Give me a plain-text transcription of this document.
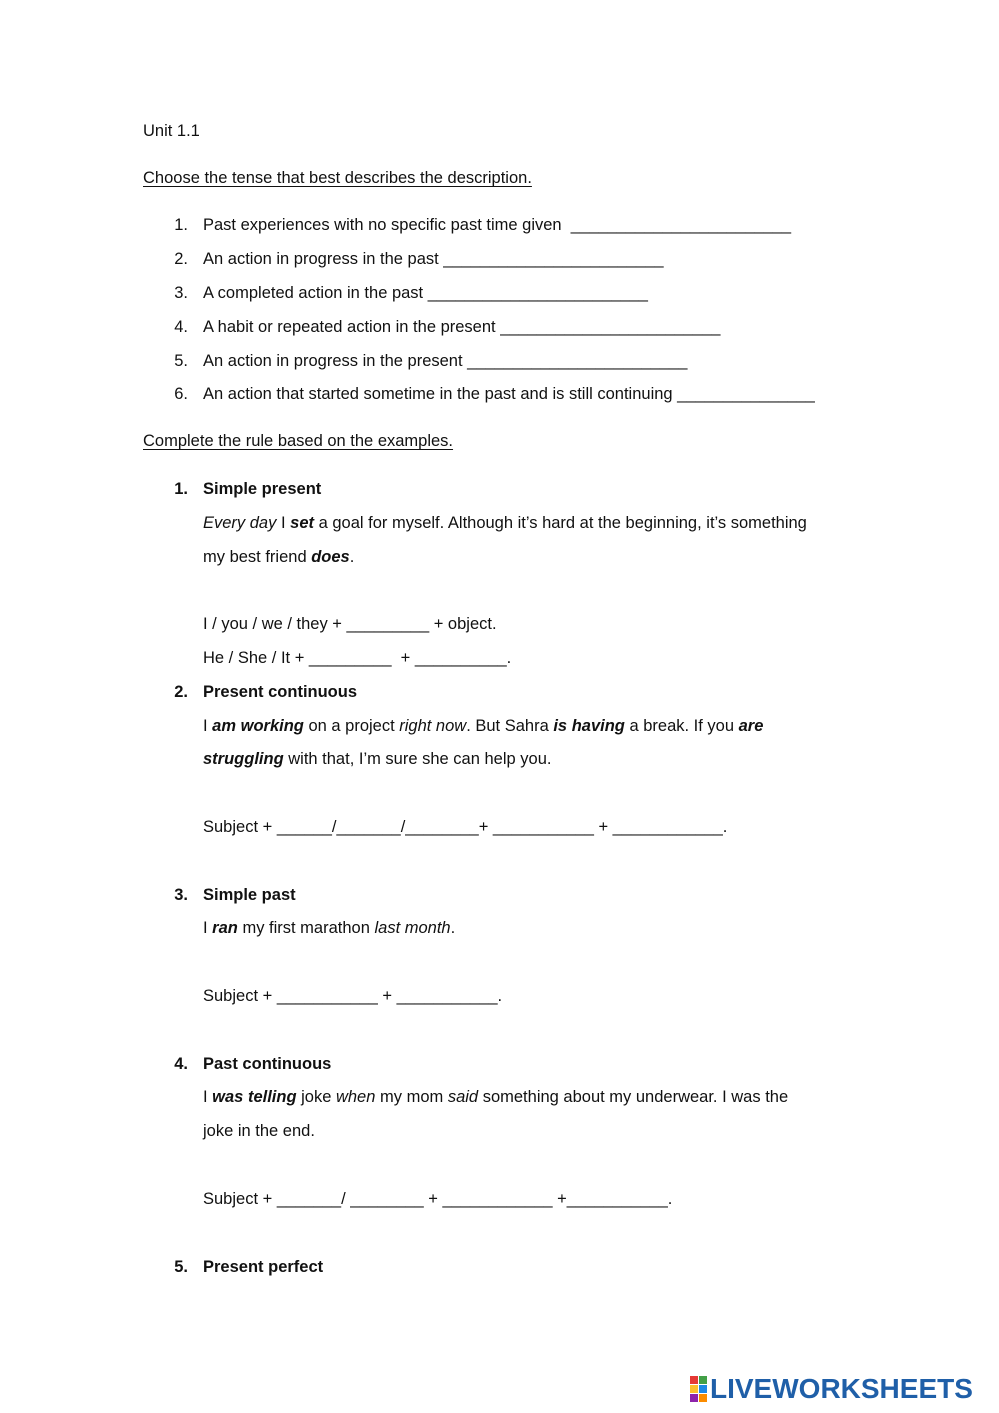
Unit 1.1
Choose the tense that best describes the description.
1. Past experiences with no specific past time given  ________________________
2. An action in progress in the past ________________________
3. A completed action in the past ________________________
4. A habit or repeated action in the present ________________________
5. An action in progress in the present ________________________
6. An action that started sometime in the past and is still continuing _______________
Complete the rule based on the examples.
1. Simple present
Every day I set a goal for myself. Although it’s hard at the beginning, it’s something
my best friend does.
I / you / we / they + _________ + object.
He / She / It + _________  + __________.
2. Present continuous
I am working on a project right now. But Sahra is having a break. If you are
struggling with that, I’m sure she can help you.
Subject + ______/_______/________+ ___________ + ____________.
3. Simple past
I ran my first marathon last month.
Subject + ___________ + ___________.
4. Past continuous
I was telling joke when my mom said something about my underwear. I was the
joke in the end.
Subject + _______/ ________ + ____________ +___________.
5. Present perfect
LIVEWORKSHEETS
